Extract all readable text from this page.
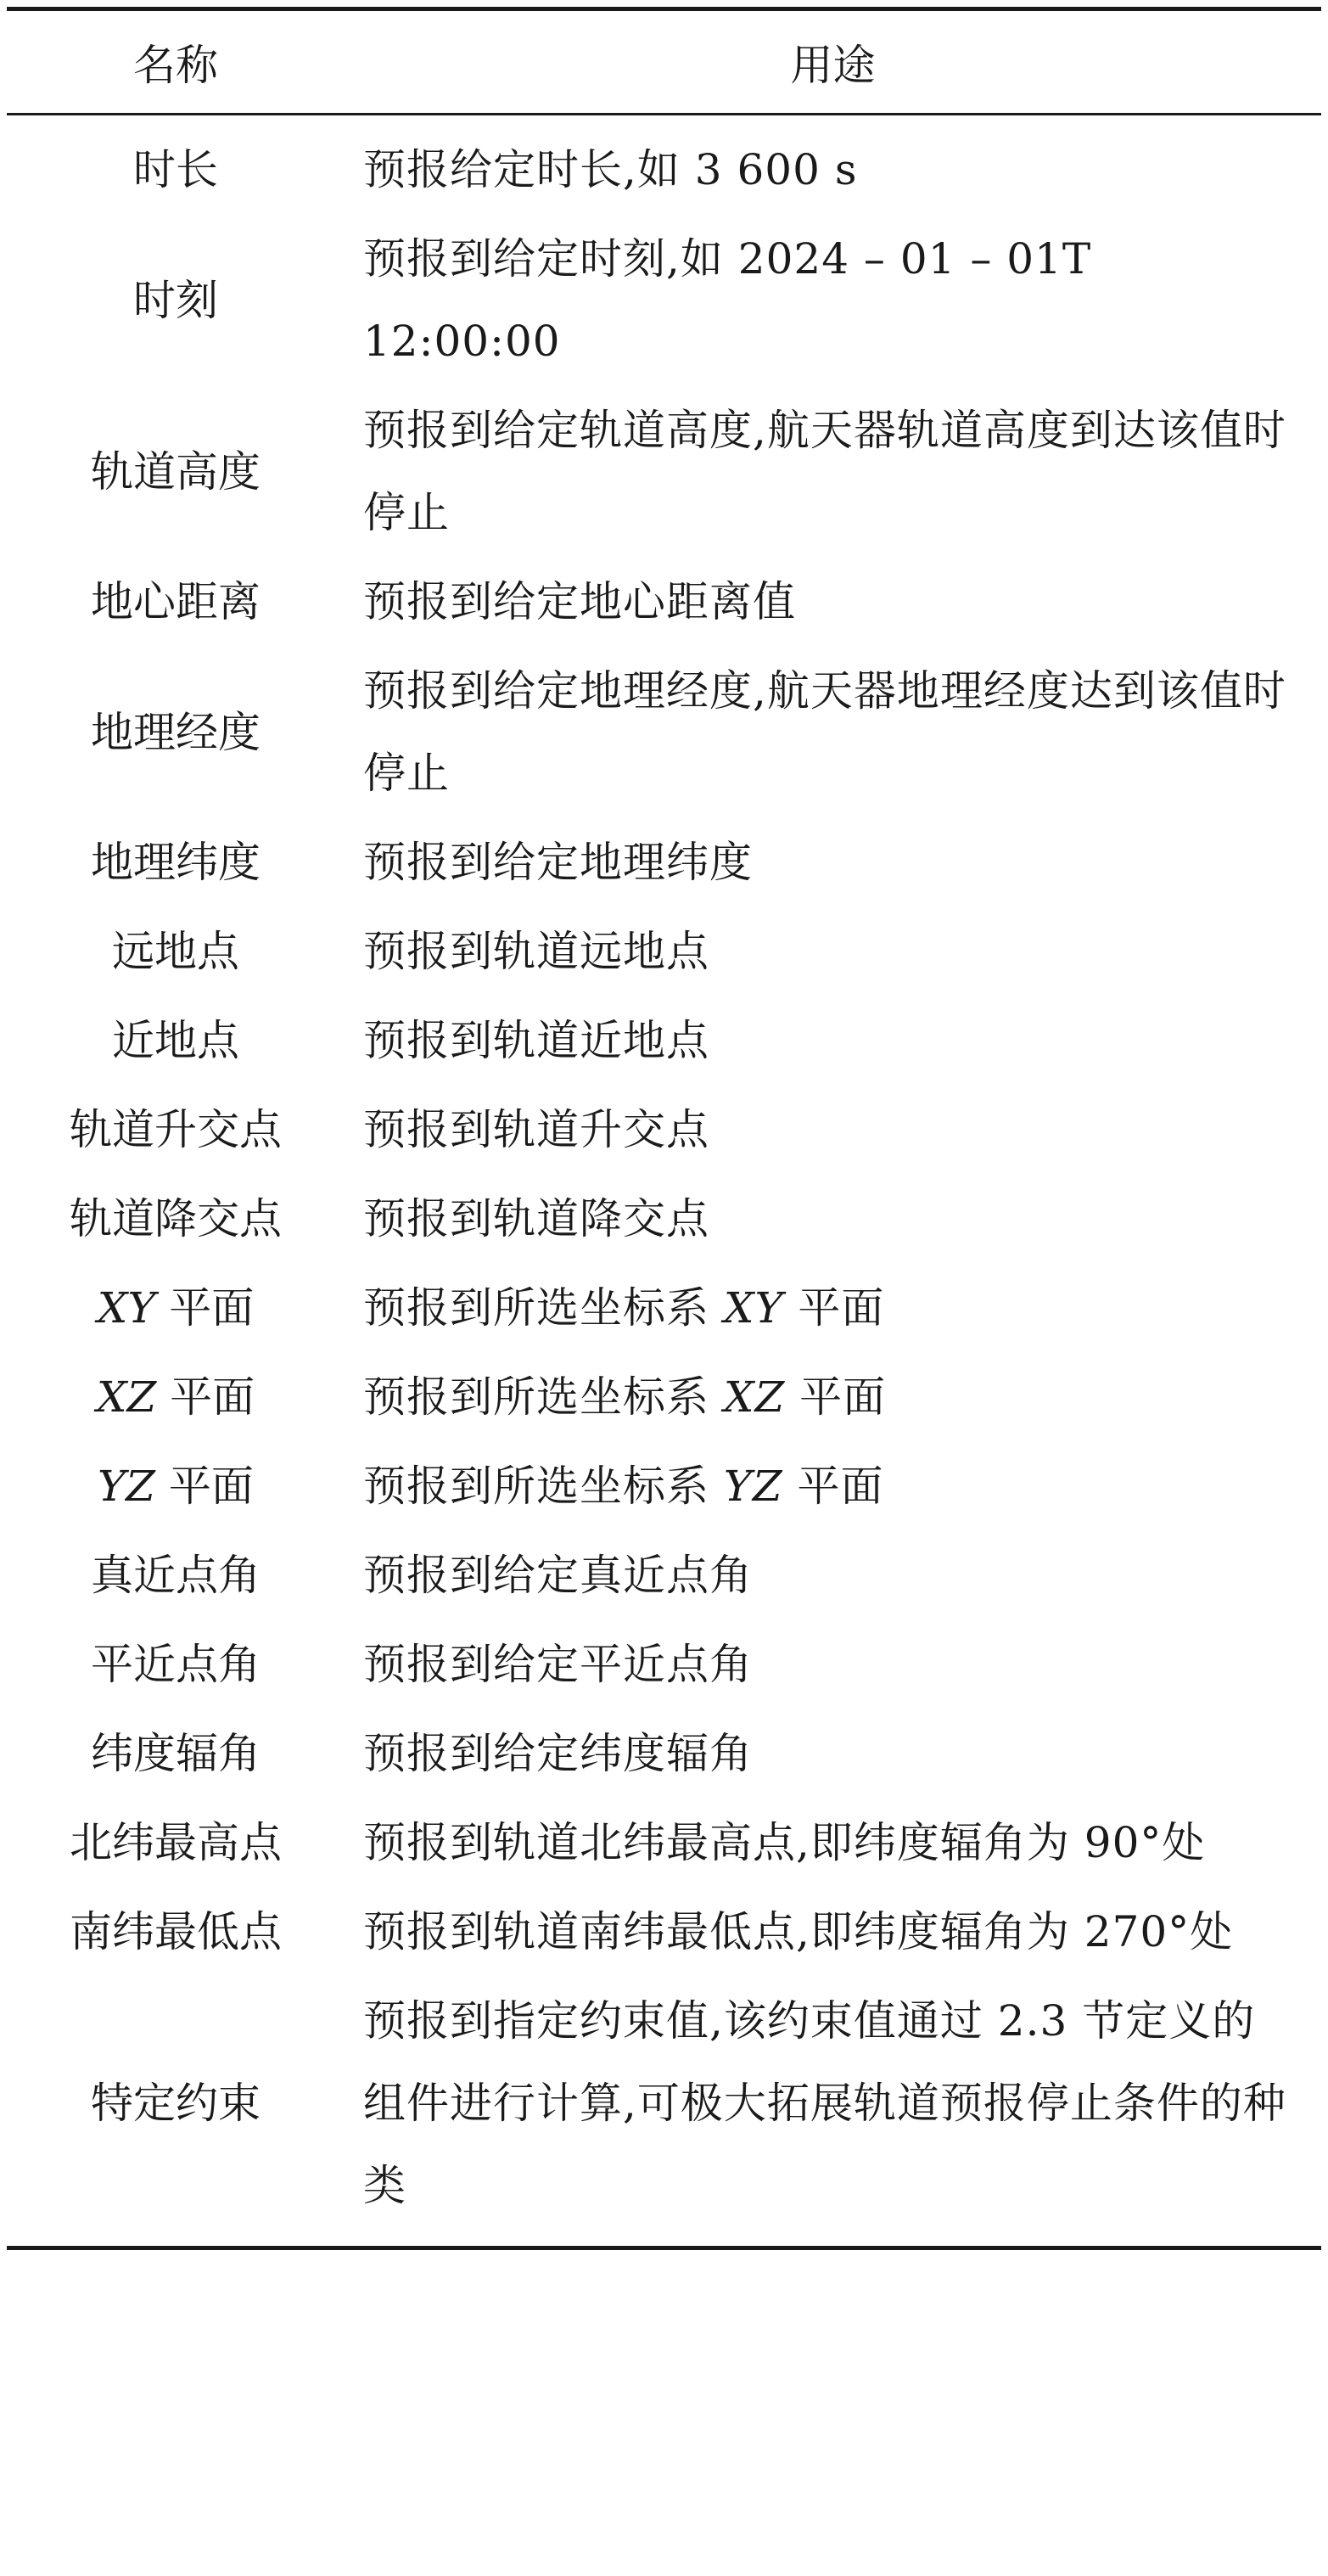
名称	用途
时长	预报给定时长,如 3 600 s
时刻	预报到给定时刻,如 2024 – 01 – 01T 12:00:00
轨道高度	预报到给定轨道高度,航天器轨道高度到达该值时停止
地心距离	预报到给定地心距离值
地理经度	预报到给定地理经度,航天器地理经度达到该值时停止
地理纬度	预报到给定地理纬度
远地点	预报到轨道远地点
近地点	预报到轨道近地点
轨道升交点	预报到轨道升交点
轨道降交点	预报到轨道降交点
XY 平面	预报到所选坐标系 XY 平面
XZ 平面	预报到所选坐标系 XZ 平面
YZ 平面	预报到所选坐标系 YZ 平面
真近点角	预报到给定真近点角
平近点角	预报到给定平近点角
纬度辐角	预报到给定纬度辐角
北纬最高点	预报到轨道北纬最高点,即纬度辐角为 90°处
南纬最低点	预报到轨道南纬最低点,即纬度辐角为 270°处
特定约束	预报到指定约束值,该约束值通过 2.3 节定义的组件进行计算,可极大拓展轨道预报停止条件的种类
